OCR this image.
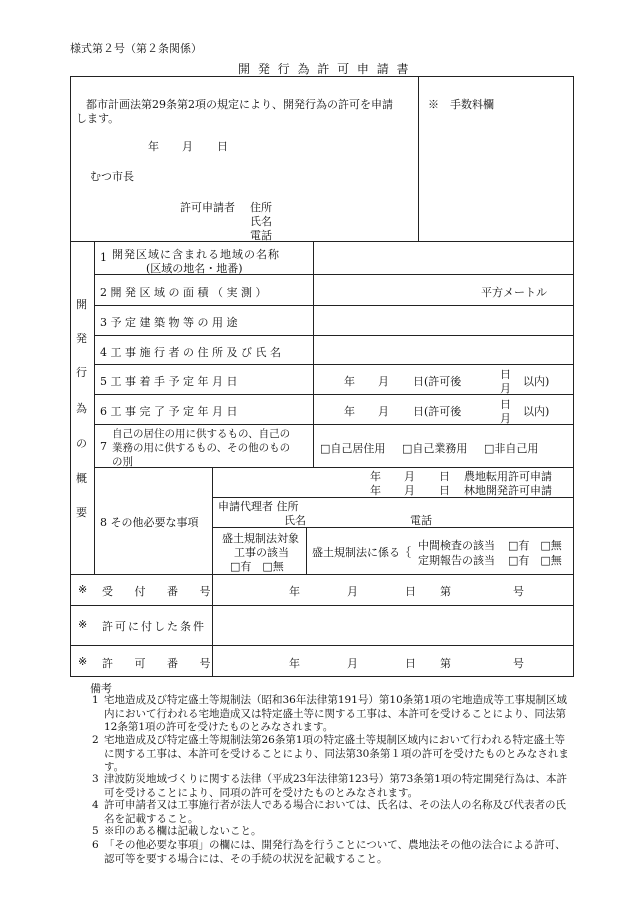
様式第２号（第２条関係）
開 発 行 為 許 可 申 請 書
都市計画法第29条第2項の規定により、開発行為の許可を申請
します。
年 月 日
むつ市長
許可申請者 住所
氏名
電話
※　手数料欄
開
発
行
為
の
概
要
1 開発区域に含まれる地域の名称
(区域の地名・地番)
2 開 発 区 域 の 面 積 （ 実 測 ）	平方メートル
3 予 定 建 築 物 等 の 用 途
4 工 事 施 行 者 の 住 所 及 び 氏 名
5 工 事 着 手 予 定 年 月 日	年 月 日(許可後
日
月
以内)
6 工 事 完 了 予 定 年 月 日	年 月 日(許可後
日
月
以内)
7
自己の居住の用に供するもの、自己の
業務の用に供するもの、その他のもの
の別
□自己居住用 □自己業務用 □非自己用
8 その他必要な事項
年 月 日 農地転用許可申請
年 月 日 林地開発許可申請
申請代理者 住所
氏名	電話
盛土規制法対象
工事の該当
□有　□無
盛土規制法に係る｛
中間検査の該当 □有　□無
定期報告の該当 □有　□無
※ 受 付 番 号	年	月	日 第	号
※ 許可に付した条件
※ 許 可 番 号	年	月	日 第	号
備考
1 宅地造成及び特定盛土等規制法（昭和36年法律第191号）第10条第1項の宅地造成等工事規制区域内において行われる宅地造成又は特定盛土等に関する工事は、本許可を受けることにより、同法第12条第1項の許可を受けたものとみなされます。
2 宅地造成及び特定盛土等規制法第26条第1項の特定盛土等規制区域内において行われる特定盛土等に関する工事は、本許可を受けることにより、同法第30条第１項の許可を受けたものとみなされます。
3 津波防災地域づくりに関する法律（平成23年法律第123号）第73条第1項の特定開発行為は、本許可を受けることにより、同項の許可を受けたものとみなされます。
4 許可申請者又は工事施行者が法人である場合においては、氏名は、その法人の名称及び代表者の氏名を記載すること。
5 ※印のある欄は記載しないこと。
6 「その他必要な事項」の欄には、開発行為を行うことについて、農地法その他の法合による許可、認可等を要する場合には、その手続の状況を記載すること。
